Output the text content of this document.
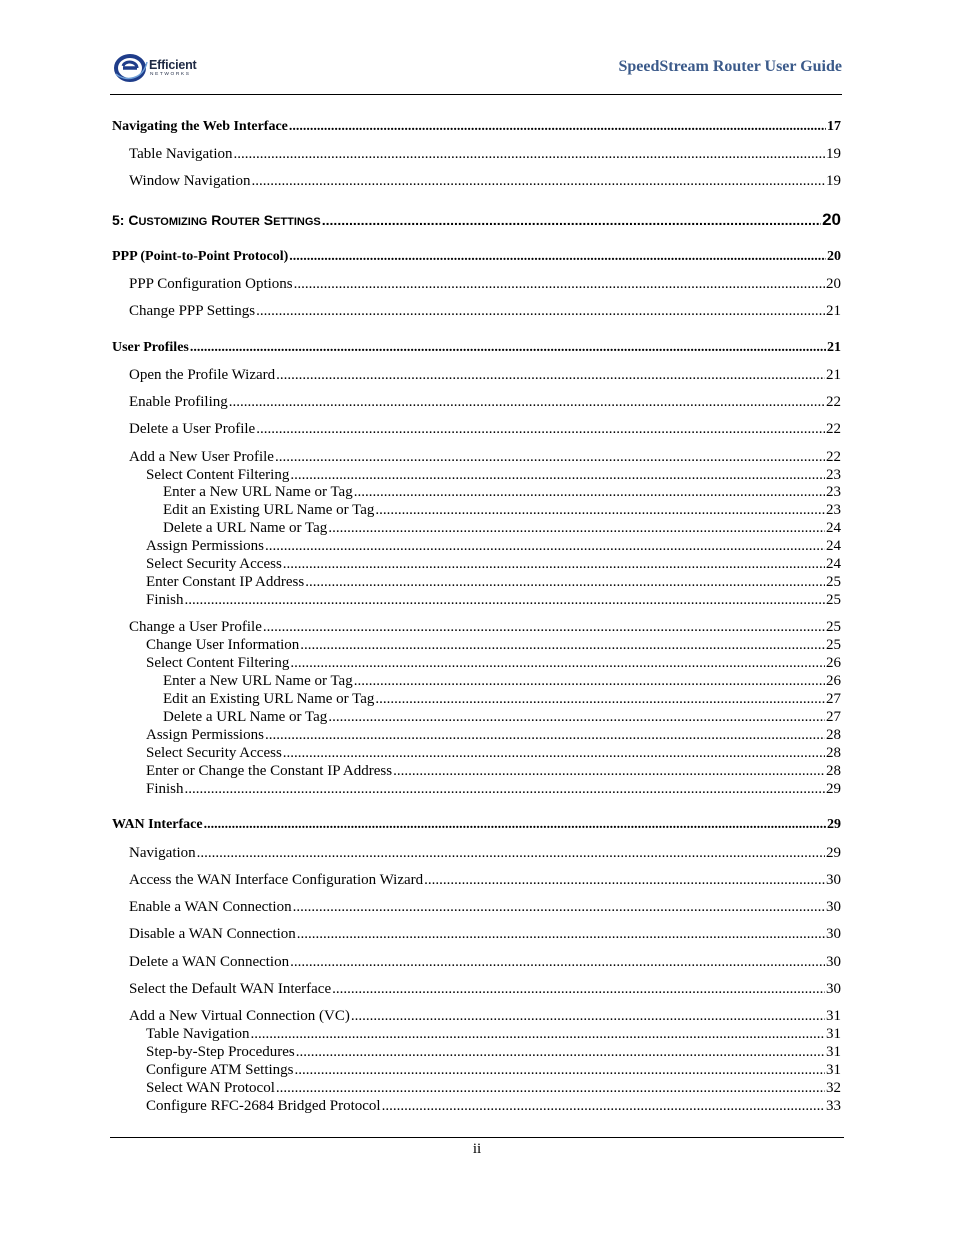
Efficient
NETWORKS	SpeedStream Router User Guide
Navigating the Web Interface .....	17
Table Navigation .....	19
Window Navigation .....	19
5: CUSTOMIZING ROUTER SETTINGS .....	20
PPP (Point-to-Point Protocol) .....	20
PPP Configuration Options .....	20
Change PPP Settings .....	21
User Profiles .....	21
Open the Profile Wizard .....	21
Enable Profiling .....	22
Delete a User Profile .....	22
Add a New User Profile .....	22
Select Content Filtering .....	23
Enter a New URL Name or Tag .....	23
Edit an Existing URL Name or Tag .....	23
Delete a URL Name or Tag .....	24
Assign Permissions .....	24
Select Security Access .....	24
Enter Constant IP Address .....	25
Finish .....	25
Change a User Profile .....	25
Change User Information .....	25
Select Content Filtering .....	26
Enter a New URL Name or Tag .....	26
Edit an Existing URL Name or Tag .....	27
Delete a URL Name or Tag .....	27
Assign Permissions .....	28
Select Security Access .....	28
Enter or Change the Constant IP Address .....	28
Finish .....	29
WAN Interface .....	29
Navigation .....	29
Access the WAN Interface Configuration Wizard .....	30
Enable a WAN Connection .....	30
Disable a WAN Connection .....	30
Delete a WAN Connection .....	30
Select the Default WAN Interface .....	30
Add a New Virtual Connection (VC) .....	31
Table Navigation .....	31
Step-by-Step Procedures .....	31
Configure ATM Settings .....	31
Select WAN Protocol .....	32
Configure RFC-2684 Bridged Protocol .....	33
ii
